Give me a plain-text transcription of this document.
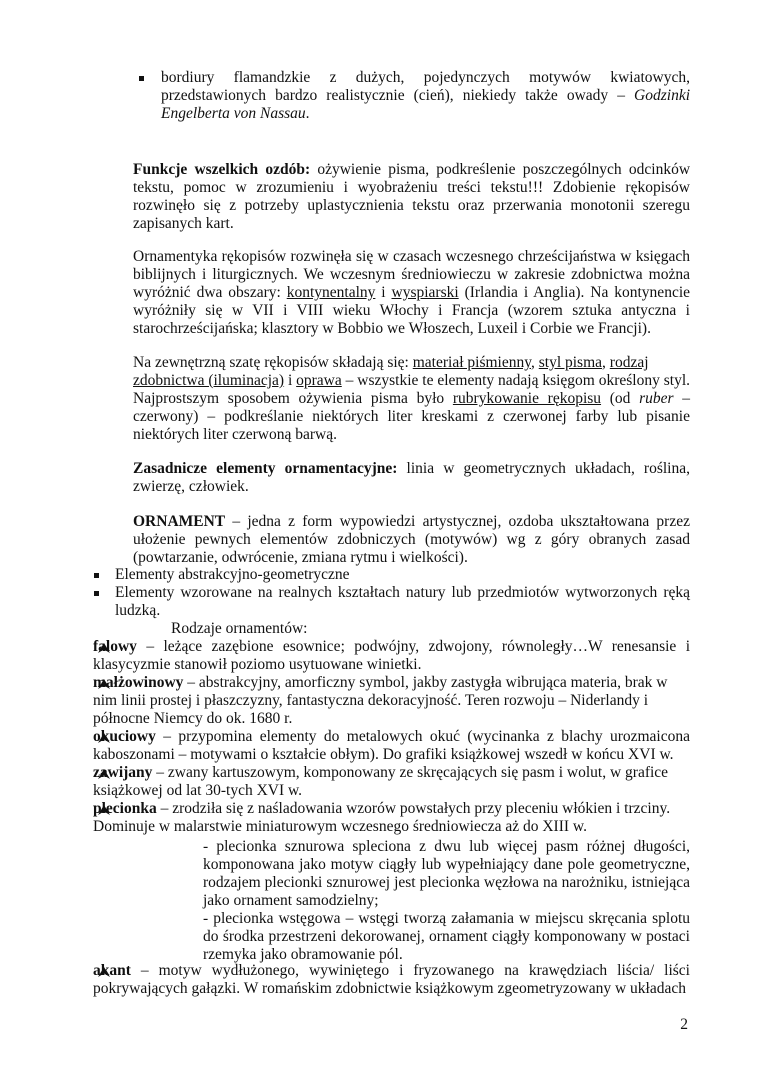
bordiury flamandzkie z dużych, pojedynczych motywów kwiatowych, przedstawionych bardzo realistycznie (cień), niekiedy także owady – Godzinki Engelberta von Nassau.

Funkcje wszelkich ozdób: ożywienie pisma, podkreślenie poszczególnych odcinków tekstu, pomoc w zrozumieniu i wyobrażeniu treści tekstu!!! Zdobienie rękopisów rozwinęło się z potrzeby uplastycznienia tekstu oraz przerwania monotonii szeregu zapisanych kart.

Ornamentyka rękopisów rozwinęła się w czasach wczesnego chrześcijaństwa w księgach biblijnych i liturgicznych. We wczesnym średniowieczu w zakresie zdobnictwa można wyróżnić dwa obszary: kontynentalny i wyspiarski (Irlandia i Anglia). Na kontynencie wyróżniły się w VII i VIII wieku Włochy i Francja (wzorem sztuka antyczna i starochrześcijańska; klasztory w Bobbio we Włoszech, Luxeil i Corbie we Francji).

Na zewnętrzną szatę rękopisów składają się: materiał piśmienny, styl pisma, rodzaj

zdobnictwa (iluminacja) i oprawa – wszystkie te elementy nadają księgom określony styl.

Najprostszym sposobem ożywienia pisma było rubrykowanie rękopisu (od ruber – czerwony) – podkreślanie niektórych liter kreskami z czerwonej farby lub pisanie niektórych liter czerwoną barwą.

Zasadnicze elementy ornamentacyjne: linia w geometrycznych układach, roślina, zwierzę, człowiek.

ORNAMENT – jedna z form wypowiedzi artystycznej, ozdoba ukształtowana przez ułożenie pewnych elementów zdobniczych (motywów) wg z góry obranych zasad (powtarzanie, odwrócenie, zmiana rytmu i wielkości).

Elementy abstrakcyjno-geometryczne

Elementy wzorowane na realnych kształtach natury lub przedmiotów wytworzonych ręką ludzką.

Rodzaje ornamentów:

falowy – leżące zazębione esownice; podwójny, zdwojony, równoległy…W renesansie i klasycyzmie stanowił poziomo usytuowane winietki.

małżowinowy – abstrakcyjny, amorficzny symbol, jakby zastygła wibrująca materia, brak w nim linii prostej i płaszczyzny, fantastyczna dekoracyjność. Teren rozwoju – Niderlandy i północne Niemcy do ok. 1680 r.

okuciowy – przypomina elementy do metalowych okuć (wycinanka z blachy urozmaicona kaboszonami – motywami o kształcie obłym). Do grafiki książkowej wszedł w końcu XVI w.

zawijany – zwany kartuszowym, komponowany ze skręcających się pasm i wolut, w grafice książkowej od lat 30-tych XVI w.

plecionka – zrodziła się z naśladowania wzorów powstałych przy pleceniu włókien i trzciny. Dominuje w malarstwie miniaturowym wczesnego średniowiecza aż do XIII w.

- plecionka sznurowa spleciona z dwu lub więcej pasm różnej długości, komponowana jako motyw ciągły lub wypełniający dane pole geometryczne, rodzajem plecionki sznurowej jest plecionka węzłowa na narożniku, istniejąca jako ornament samodzielny;

- plecionka wstęgowa – wstęgi tworzą załamania w miejscu skręcania splotu do środka przestrzeni dekorowanej, ornament ciągły komponowany w postaci rzemyka jako obramowanie pól.

akant – motyw wydłużonego, wywiniętego i fryzowanego na krawędziach liścia/ liści pokrywających gałązki. W romańskim zdobnictwie książkowym zgeometryzowany w układach

2
